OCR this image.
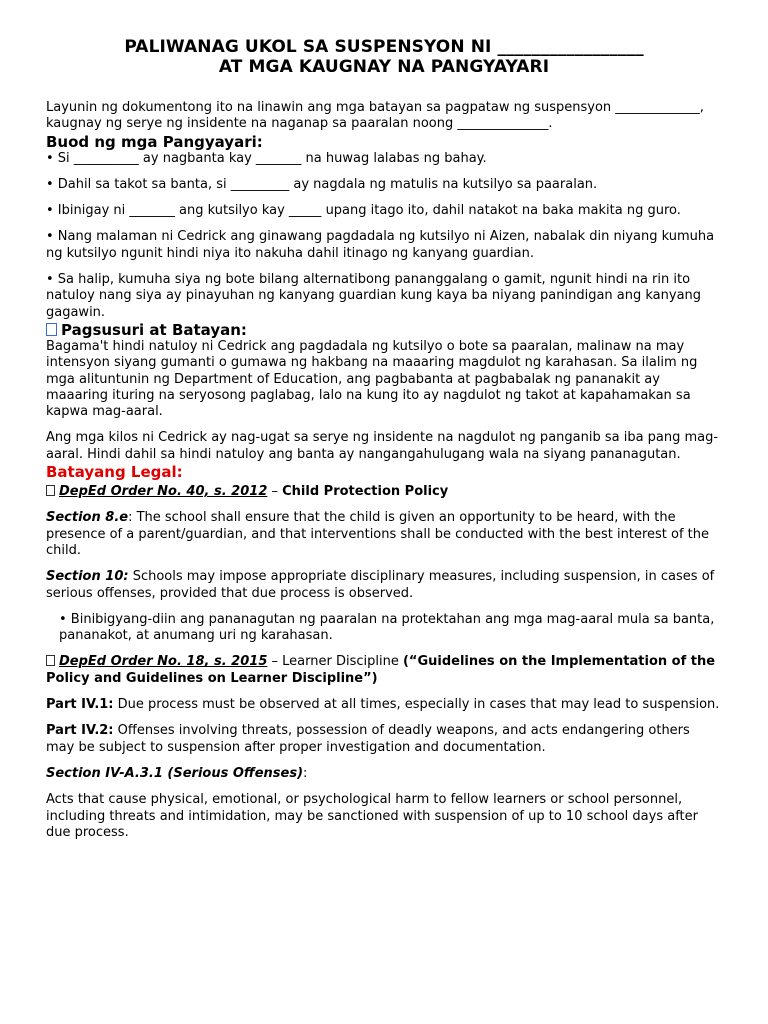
PALIWANAG UKOL SA SUSPENSYON NI _________________
AT MGA KAUGNAY NA PANGYAYARI

Layunin ng dokumentong ito na linawin ang mga batayan sa pagpataw ng suspensyon _____________, kaugnay ng serye ng insidente na naganap sa paaralan noong ______________.

Buod ng mga Pangyayari:

• Si __________ ay nagbanta kay _______ na huwag lalabas ng bahay.

• Dahil sa takot sa banta, si _________ ay nagdala ng matulis na kutsilyo sa paaralan.

• Ibinigay ni _______ ang kutsilyo kay _____ upang itago ito, dahil natakot na baka makita ng guro.

• Nang malaman ni Cedrick ang ginawang pagdadala ng kutsilyo ni Aizen, nabalak din niyang kumuha ng kutsilyo ngunit hindi niya ito nakuha dahil itinago ng kanyang guardian.

• Sa halip, kumuha siya ng bote bilang alternatibong pananggalang o gamit, ngunit hindi na rin ito natuloy nang siya ay pinayuhan ng kanyang guardian kung kaya ba niyang panindigan ang kanyang gagawin.

Pagsusuri at Batayan:

Bagama't hindi natuloy ni Cedrick ang pagdadala ng kutsilyo o bote sa paaralan, malinaw na may intensyon siyang gumanti o gumawa ng hakbang na maaaring magdulot ng karahasan. Sa ilalim ng mga alituntunin ng Department of Education, ang pagbabanta at pagbabalak ng pananakit ay maaaring ituring na seryosong paglabag, lalo na kung ito ay nagdulot ng takot at kapahamakan sa kapwa mag-aaral.

Ang mga kilos ni Cedrick ay nag-ugat sa serye ng insidente na nagdulot ng panganib sa iba pang mag-aaral. Hindi dahil sa hindi natuloy ang banta ay nangangahulugang wala na siyang pananagutan.

Batayang Legal:

DepEd Order No. 40, s. 2012 – Child Protection Policy

Section 8.e: The school shall ensure that the child is given an opportunity to be heard, with the presence of a parent/guardian, and that interventions shall be conducted with the best interest of the child.

Section 10: Schools may impose appropriate disciplinary measures, including suspension, in cases of serious offenses, provided that due process is observed.

• Binibigyang-diin ang pananagutan ng paaralan na protektahan ang mga mag-aaral mula sa banta, pananakot, at anumang uri ng karahasan.

DepEd Order No. 18, s. 2015 – Learner Discipline (“Guidelines on the Implementation of the Policy and Guidelines on Learner Discipline”)

Part IV.1: Due process must be observed at all times, especially in cases that may lead to suspension.

Part IV.2: Offenses involving threats, possession of deadly weapons, and acts endangering others may be subject to suspension after proper investigation and documentation.

Section IV-A.3.1 (Serious Offenses):

Acts that cause physical, emotional, or psychological harm to fellow learners or school personnel, including threats and intimidation, may be sanctioned with suspension of up to 10 school days after due process.
